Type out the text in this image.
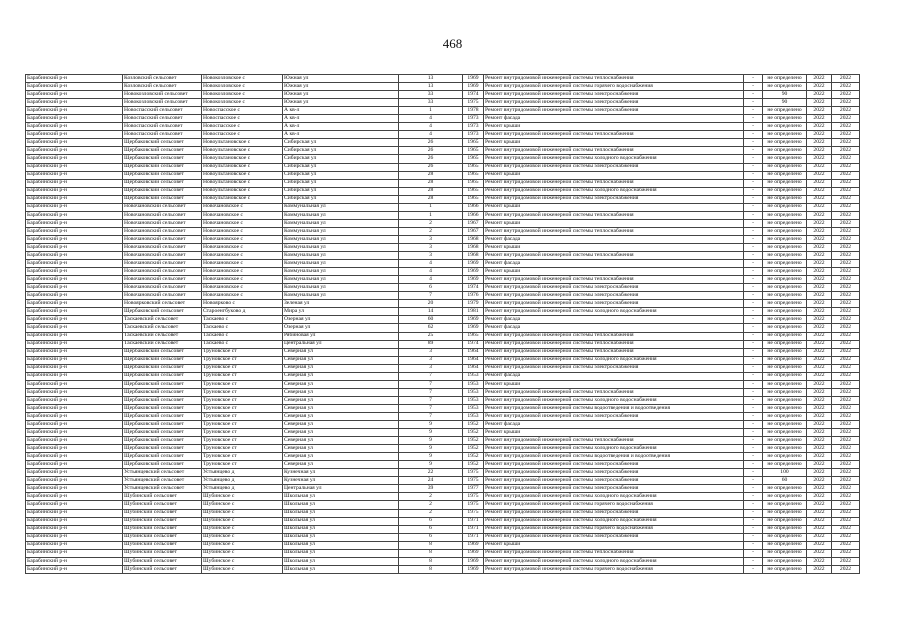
468
Барабинский р-н	Козловский сельсовет	Новокозловское с	Южная ул	13	1969	Ремонт внутридомовой инженерной системы теплоснабжения	-	не определено	2022	2022
Барабинский р-н	Козловский сельсовет	Новокозловское с	Южная ул	13	1969	Ремонт внутридомовой инженерной системы горячего водоснабжения	-	не определено	2022	2022
Барабинский р-н	Новокозловский сельсовет	Новокозловское с	Южная ул	33	1974	Ремонт внутридомовой инженерной системы электроснабжения	-	90	2022	2022
Барабинский р-н	Новокозловский сельсовет	Новокозловское с	Южная ул	33	1975	Ремонт внутридомовой инженерной системы электроснабжения	-	90	2022	2022
Барабинский р-н	Новоспасский сельсовет	Новоспасское с	А кв-л	1	1978	Ремонт внутридомовой инженерной системы электроснабжения	-	не определено	2022	2022
Барабинский р-н	Новоспасский сельсовет	Новоспасское с	А кв-л	4	1973	Ремонт фасада	-	не определено	2022	2022
Барабинский р-н	Новоспасский сельсовет	Новоспасское с	А кв-л	4	1973	Ремонт крыши	-	не определено	2022	2022
Барабинский р-н	Новоспасский сельсовет	Новоспасское с	А кв-л	4	1973	Ремонт внутридомовой инженерной системы теплоснабжения	-	не определено	2022	2022
Барабинский р-н	Щербаковский сельсовет	Новоультановское с	Сибирская ул	26	1965	Ремонт крыши	-	не определено	2022	2022
Барабинский р-н	Щербаковский сельсовет	Новоультановское с	Сибирская ул	26	1965	Ремонт внутридомовой инженерной системы теплоснабжения	-	не определено	2022	2022
Барабинский р-н	Щербаковский сельсовет	Новоультановское с	Сибирская ул	26	1965	Ремонт внутридомовой инженерной системы холодного водоснабжения	-	не определено	2022	2022
Барабинский р-н	Щербаковский сельсовет	Новоультановское с	Сибирская ул	26	1965	Ремонт внутридомовой инженерной системы электроснабжения	-	не определено	2022	2022
Барабинский р-н	Щербаковский сельсовет	Новоультановское с	Сибирская ул	28	1965	Ремонт крыши	-	не определено	2022	2022
Барабинский р-н	Щербаковский сельсовет	Новоультановское с	Сибирская ул	28	1965	Ремонт внутридомовой инженерной системы теплоснабжения	-	не определено	2022	2022
Барабинский р-н	Щербаковский сельсовет	Новоультановское с	Сибирская ул	28	1965	Ремонт внутридомовой инженерной системы холодного водоснабжения	-	не определено	2022	2022
Барабинский р-н	Щербаковский сельсовет	Новоультановское с	Сибирская ул	28	1965	Ремонт внутридомовой инженерной системы электроснабжения	-	не определено	2022	2022
Барабинский р-н	Новочановский сельсовет	Новочановское с	Коммунальная ул	1	1966	Ремонт крыши	-	не определено	2022	2022
Барабинский р-н	Новочановский сельсовет	Новочановское с	Коммунальная ул	1	1966	Ремонт внутридомовой инженерной системы теплоснабжения	-	не определено	2022	2022
Барабинский р-н	Новочановский сельсовет	Новочановское с	Коммунальная ул	2	1967	Ремонт крыши	-	не определено	2022	2022
Барабинский р-н	Новочановский сельсовет	Новочановское с	Коммунальная ул	2	1967	Ремонт внутридомовой инженерной системы теплоснабжения	-	не определено	2022	2022
Барабинский р-н	Новочановский сельсовет	Новочановское с	Коммунальная ул	3	1968	Ремонт фасада	-	не определено	2022	2022
Барабинский р-н	Новочановский сельсовет	Новочановское с	Коммунальная ул	3	1968	Ремонт крыши	-	не определено	2022	2022
Барабинский р-н	Новочановский сельсовет	Новочановское с	Коммунальная ул	3	1968	Ремонт внутридомовой инженерной системы теплоснабжения	-	не определено	2022	2022
Барабинский р-н	Новочановский сельсовет	Новочановское с	Коммунальная ул	4	1969	Ремонт фасада	-	не определено	2022	2022
Барабинский р-н	Новочановский сельсовет	Новочановское с	Коммунальная ул	4	1969	Ремонт крыши	-	не определено	2022	2022
Барабинский р-н	Новочановский сельсовет	Новочановское с	Коммунальная ул	4	1969	Ремонт внутридомовой инженерной системы теплоснабжения	-	не определено	2022	2022
Барабинский р-н	Новочановский сельсовет	Новочановское с	Коммунальная ул	6	1974	Ремонт внутридомовой инженерной системы электроснабжения	-	не определено	2022	2022
Барабинский р-н	Новочановский сельсовет	Новочановское с	Коммунальная ул	7	1976	Ремонт внутридомовой инженерной системы электроснабжения	-	не определено	2022	2022
Барабинский р-н	Новоярковский сельсовет	Новоярково с	Зеленая ул	20	1979	Ремонт внутридомовой инженерной системы электроснабжения	-	не определено	2022	2022
Барабинский р-н	Щербаковский сельсовет	Староенгбуково д	Мира ул	14	1981	Ремонт внутридомовой инженерной системы холодного водоснабжения	-	не определено	2022	2022
Барабинский р-н	Таскаевский сельсовет	Таскаево с	Озерная ул	60	1969	Ремонт фасада	-	не определено	2022	2022
Барабинский р-н	Таскаевский сельсовет	Таскаево с	Озерная ул	62	1969	Ремонт фасада	-	не определено	2022	2022
Барабинский р-н	Таскаевский сельсовет	Таскаево с	Рябиновая ул	25	1965	Ремонт внутридомовой инженерной системы теплоснабжения	-	не определено	2022	2022
Барабинский р-н	Таскаевский сельсовет	Таскаево с	Центральная ул	89	1974	Ремонт внутридомовой инженерной системы теплоснабжения	-	не определено	2022	2022
Барабинский р-н	Щербаковский сельсовет	Труновское ст	Северная ул	3	1964	Ремонт внутридомовой инженерной системы теплоснабжения	-	не определено	2022	2022
Барабинский р-н	Щербаковский сельсовет	Труновское ст	Северная ул	3	1964	Ремонт внутридомовой инженерной системы холодного водоснабжения	-	не определено	2022	2022
Барабинский р-н	Щербаковский сельсовет	Труновское ст	Северная ул	3	1964	Ремонт внутридомовой инженерной системы электроснабжения	-	не определено	2022	2022
Барабинский р-н	Щербаковский сельсовет	Труновское ст	Северная ул	7	1953	Ремонт фасада	-	не определено	2022	2022
Барабинский р-н	Щербаковский сельсовет	Труновское ст	Северная ул	7	1953	Ремонт крыши	-	не определено	2022	2022
Барабинский р-н	Щербаковский сельсовет	Труновское ст	Северная ул	7	1953	Ремонт внутридомовой инженерной системы теплоснабжения	-	не определено	2022	2022
Барабинский р-н	Щербаковский сельсовет	Труновское ст	Северная ул	7	1953	Ремонт внутридомовой инженерной системы холодного водоснабжения	-	не определено	2022	2022
Барабинский р-н	Щербаковский сельсовет	Труновское ст	Северная ул	7	1953	Ремонт внутридомовой инженерной системы водоотведения и водоотведения	-	не определено	2022	2022
Барабинский р-н	Щербаковский сельсовет	Труновское ст	Северная ул	7	1953	Ремонт внутридомовой инженерной системы электроснабжения	-	не определено	2022	2022
Барабинский р-н	Щербаковский сельсовет	Труновское ст	Северная ул	9	1952	Ремонт фасада	-	не определено	2022	2022
Барабинский р-н	Щербаковский сельсовет	Труновское ст	Северная ул	9	1952	Ремонт крыши	-	не определено	2022	2022
Барабинский р-н	Щербаковский сельсовет	Труновское ст	Северная ул	9	1952	Ремонт внутридомовой инженерной системы теплоснабжения	-	не определено	2022	2022
Барабинский р-н	Щербаковский сельсовет	Труновское ст	Северная ул	9	1952	Ремонт внутридомовой инженерной системы холодного водоснабжения	-	не определено	2022	2022
Барабинский р-н	Щербаковский сельсовет	Труновское ст	Северная ул	9	1952	Ремонт внутридомовой инженерной системы водоотведения и водоотведения	-	не определено	2022	2022
Барабинский р-н	Щербаковский сельсовет	Труновское ст	Северная ул	9	1952	Ремонт внутридомовой инженерной системы электроснабжения	-	не определено	2022	2022
Барабинский р-н	Устьянцевский сельсовет	Устьянцево д	Кузнечная ул	22	1975	Ремонт внутридомовой инженерной системы электроснабжения	-	100	2022	2022
Барабинский р-н	Устьянцевский сельсовет	Устьянцево д	Кузнечная ул	24	1975	Ремонт внутридомовой инженерной системы электроснабжения	-	60	2022	2022
Барабинский р-н	Устьянцевский сельсовет	Устьянцево д	Центральная ул	39	1977	Ремонт внутридомовой инженерной системы электроснабжения	-	не определено	2022	2022
Барабинский р-н	Шубинский сельсовет	Шубинское с	Школьная ул	2	1975	Ремонт внутридомовой инженерной системы холодного водоснабжения	-	не определено	2022	2022
Барабинский р-н	Шубинский сельсовет	Шубинское с	Школьная ул	2	1975	Ремонт внутридомовой инженерной системы горячего водоснабжения	-	не определено	2022	2022
Барабинский р-н	Шубинский сельсовет	Шубинское с	Школьная ул	2	1975	Ремонт внутридомовой инженерной системы электроснабжения	-	не определено	2022	2022
Барабинский р-н	Шубинский сельсовет	Шубинское с	Школьная ул	6	1971	Ремонт внутридомовой инженерной системы холодного водоснабжения	-	не определено	2022	2022
Барабинский р-н	Шубинский сельсовет	Шубинское с	Школьная ул	6	1971	Ремонт внутридомовой инженерной системы горячего водоснабжения	-	не определено	2022	2022
Барабинский р-н	Шубинский сельсовет	Шубинское с	Школьная ул	6	1971	Ремонт внутридомовой инженерной системы электроснабжения	-	не определено	2022	2022
Барабинский р-н	Шубинский сельсовет	Шубинское с	Школьная ул	8	1969	Ремонт крыши	-	не определено	2022	2022
Барабинский р-н	Шубинский сельсовет	Шубинское с	Школьная ул	8	1969	Ремонт внутридомовой инженерной системы теплоснабжения	-	не определено	2022	2022
Барабинский р-н	Шубинский сельсовет	Шубинское с	Школьная ул	8	1969	Ремонт внутридомовой инженерной системы холодного водоснабжения	-	не определено	2022	2022
Барабинский р-н	Шубинский сельсовет	Шубинское с	Школьная ул	8	1969	Ремонт внутридомовой инженерной системы горячего водоснабжения	-	не определено	2022	2022
